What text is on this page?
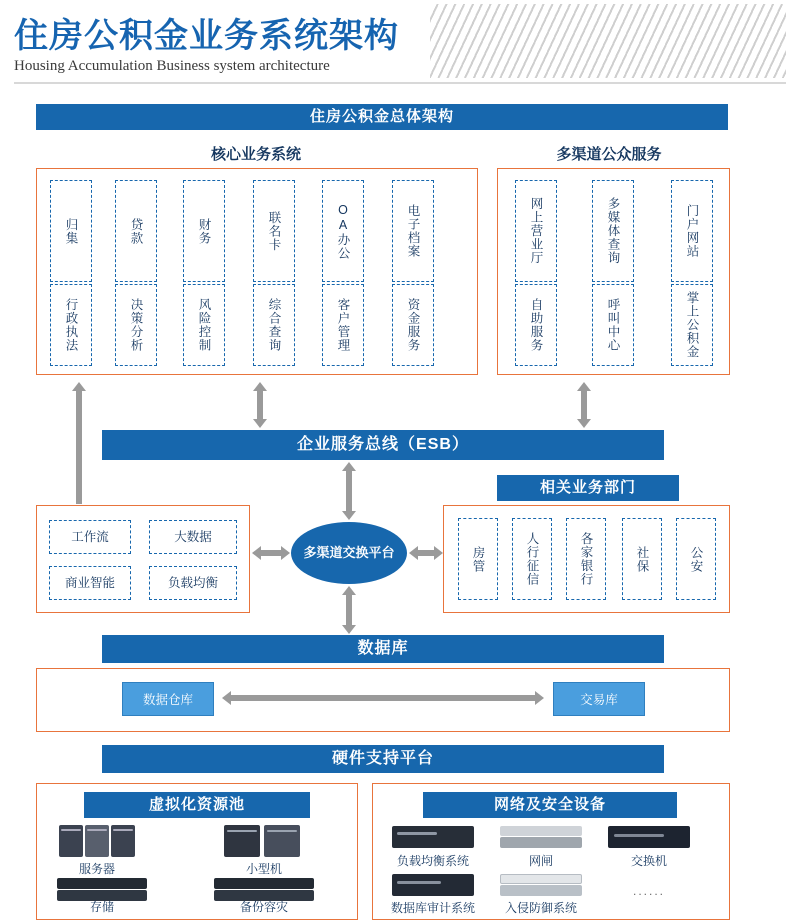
住房公积金业务系统架构
Housing Accumulation Business system architecture
住房公积金总体架构
核心业务系统	多渠道公众服务
归集	贷款	财务	联名卡	OA办公	电子档案
行政执法	决策分析	风险控制	综合查询	客户管理	资金服务
网上营业厅	多媒体查询	门户网站
自助服务	呼叫中心	掌上公积金
企业服务总线（ESB）
相关业务部门
工作流	大数据
商业智能	负载均衡
房管	人行征信	各家银行	社保	公安
多渠道交换平台
数据库
数据仓库	交易库
硬件支持平台
虚拟化资源池
服务器	小型机
存储	备份容灾
网络及安全设备
负载均衡系统	网闸	交换机
数据库审计系统	入侵防御系统
......
